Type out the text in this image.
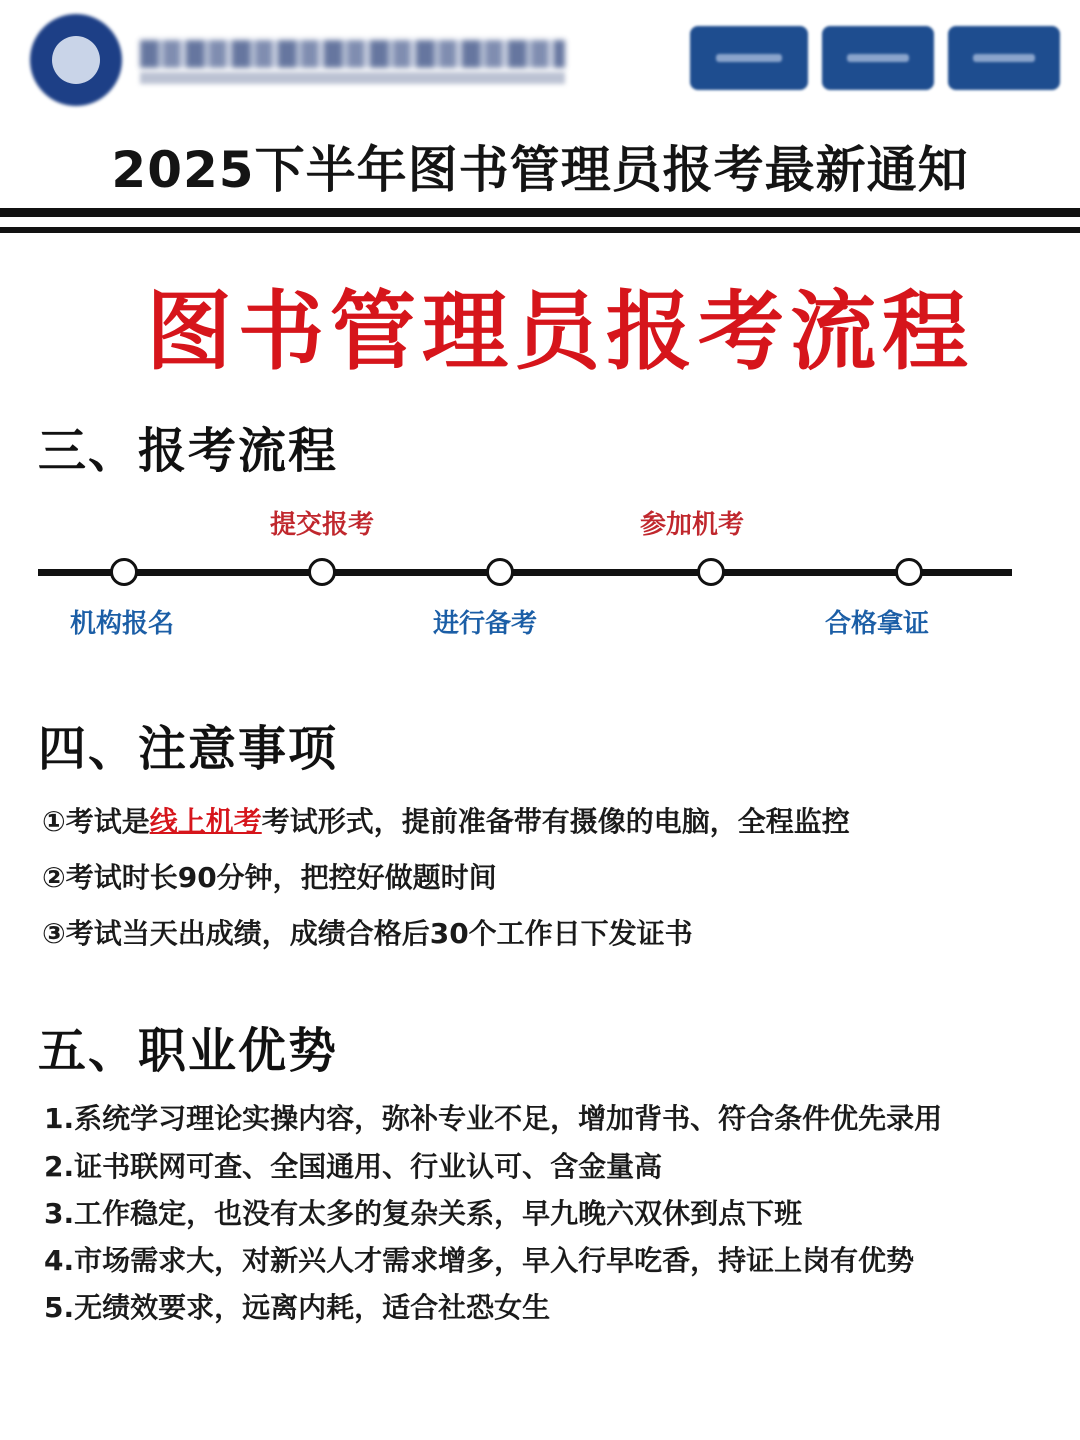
2025下半年图书管理员报考最新通知
图书管理员报考流程
三、报考流程
机构报名
提交报考
进行备考
参加机考
合格拿证
四、注意事项
①考试是线上机考考试形式，提前准备带有摄像的电脑，全程监控
②考试时长90分钟，把控好做题时间
③考试当天出成绩，成绩合格后30个工作日下发证书
五、职业优势
1.系统学习理论实操内容，弥补专业不足，增加背书、符合条件优先录用
2.证书联网可查、全国通用、行业认可、含金量高
3.工作稳定，也没有太多的复杂关系，早九晚六双休到点下班
4.市场需求大，对新兴人才需求增多，早入行早吃香，持证上岗有优势
5.无绩效要求，远离内耗，适合社恐女生
